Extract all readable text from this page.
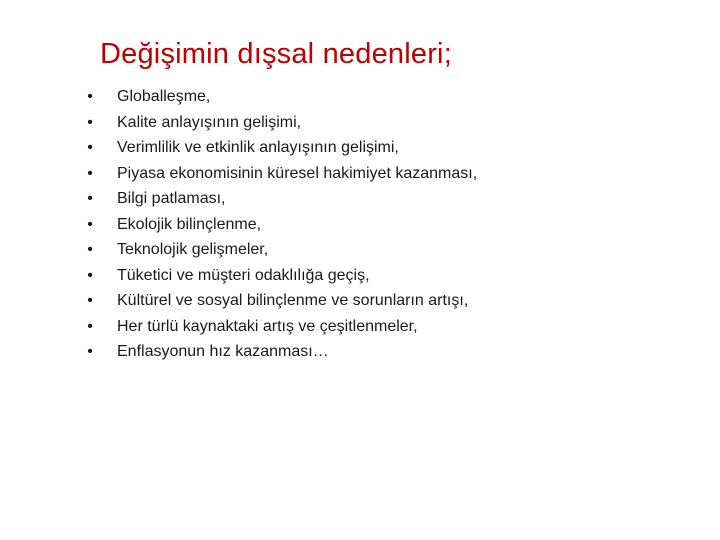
Değişimin dışsal nedenleri;
• Globalleşme,
• Kalite anlayışının gelişimi,
• Verimlilik ve etkinlik anlayışının gelişimi,
• Piyasa ekonomisinin küresel hakimiyet kazanması,
• Bilgi patlaması,
• Ekolojik bilinçlenme,
• Teknolojik gelişmeler,
• Tüketici ve müşteri odaklılığa geçiş,
• Kültürel ve sosyal bilinçlenme ve sorunların artışı,
• Her türlü kaynaktaki artış ve çeşitlenmeler,
• Enflasyonun hız kazanması…
